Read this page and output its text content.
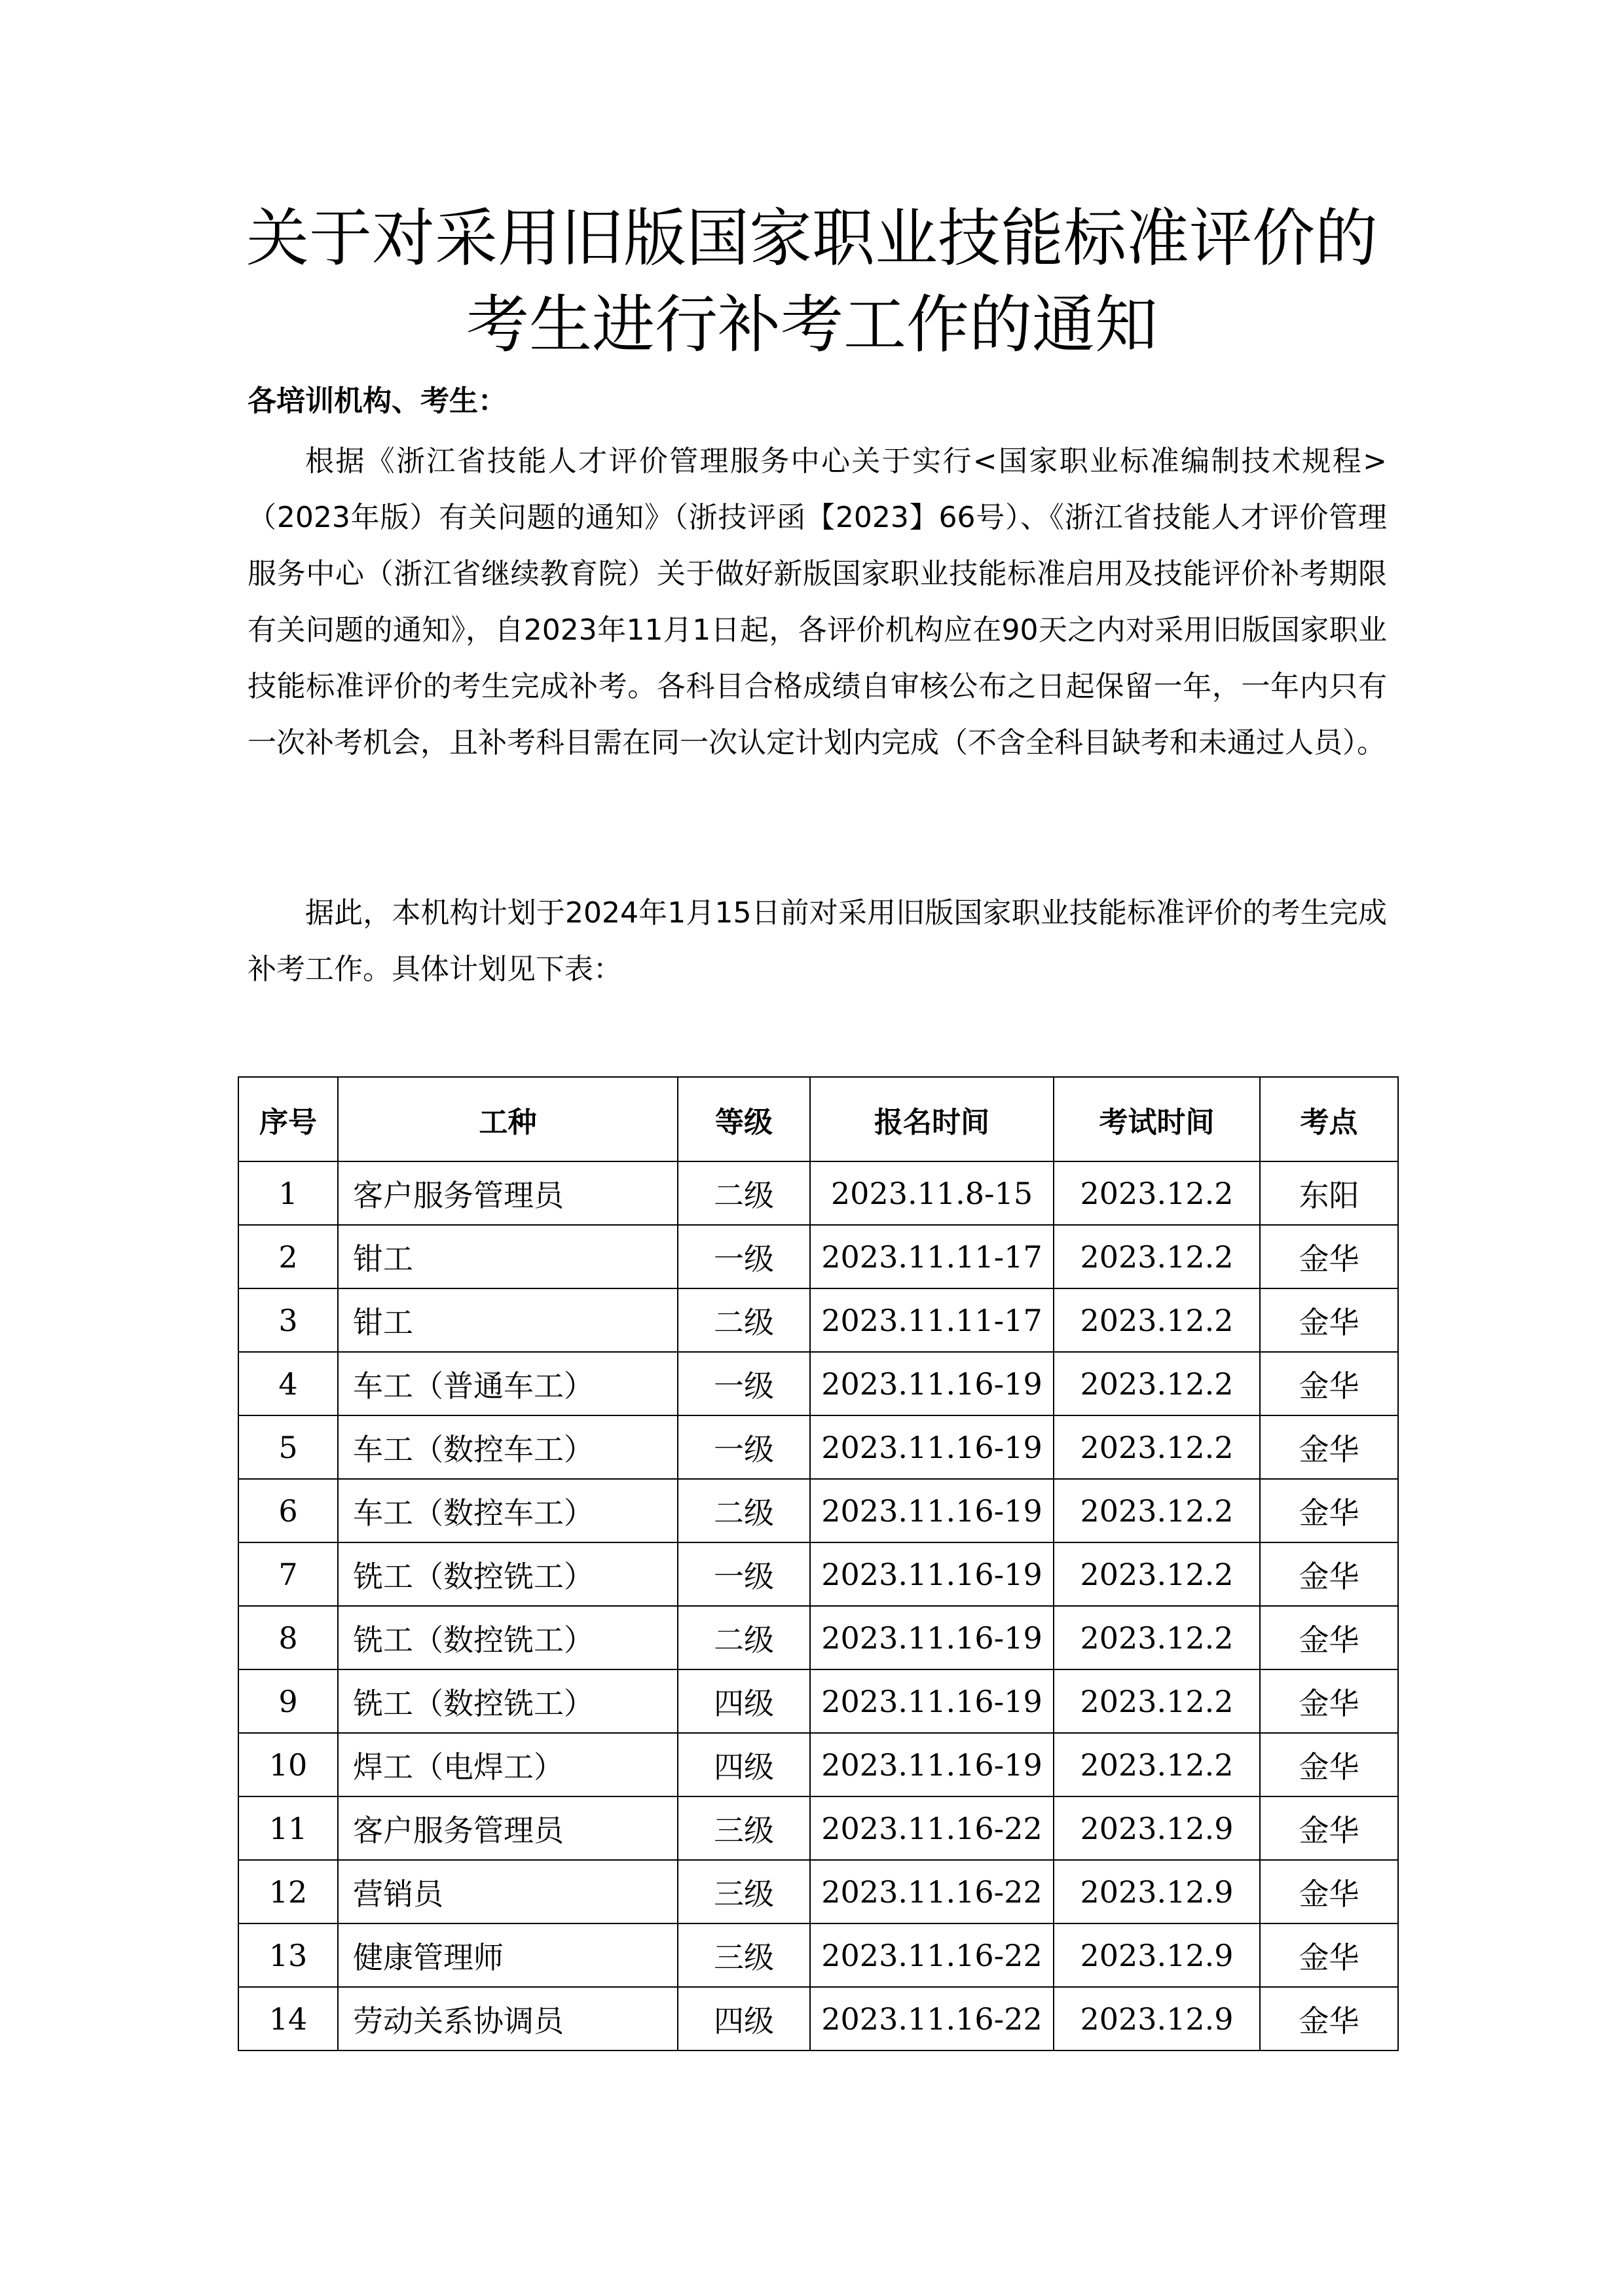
关于对采用旧版国家职业技能标准评价的
考生进行补考工作的通知
各培训机构、考生：

根据《浙江省技能人才评价管理服务中心关于实行<国家职业标准编制技术规程>（2023年版）有关问题的通知》（浙技评函【2023】66号）、《浙江省技能人才评价管理服务中心（浙江省继续教育院）关于做好新版国家职业技能标准启用及技能评价补考期限有关问题的通知》，自2023年11月1日起，各评价机构应在90天之内对采用旧版国家职业技能标准评价的考生完成补考。各科目合格成绩自审核公布之日起保留一年，一年内只有一次补考机会，且补考科目需在同一次认定计划内完成（不含全科目缺考和未通过人员）。

据此，本机构计划于2024年1月15日前对采用旧版国家职业技能标准评价的考生完成补考工作。具体计划见下表：

序号	工种	等级	报名时间	考试时间	考点
1	客户服务管理员	二级	2023.11.8-15	2023.12.2	东阳
2	钳工	一级	2023.11.11-17	2023.12.2	金华
3	钳工	二级	2023.11.11-17	2023.12.2	金华
4	车工（普通车工）	一级	2023.11.16-19	2023.12.2	金华
5	车工（数控车工）	一级	2023.11.16-19	2023.12.2	金华
6	车工（数控车工）	二级	2023.11.16-19	2023.12.2	金华
7	铣工（数控铣工）	一级	2023.11.16-19	2023.12.2	金华
8	铣工（数控铣工）	二级	2023.11.16-19	2023.12.2	金华
9	铣工（数控铣工）	四级	2023.11.16-19	2023.12.2	金华
10	焊工（电焊工）	四级	2023.11.16-19	2023.12.2	金华
11	客户服务管理员	三级	2023.11.16-22	2023.12.9	金华
12	营销员	三级	2023.11.16-22	2023.12.9	金华
13	健康管理师	三级	2023.11.16-22	2023.12.9	金华
14	劳动关系协调员	四级	2023.11.16-22	2023.12.9	金华
